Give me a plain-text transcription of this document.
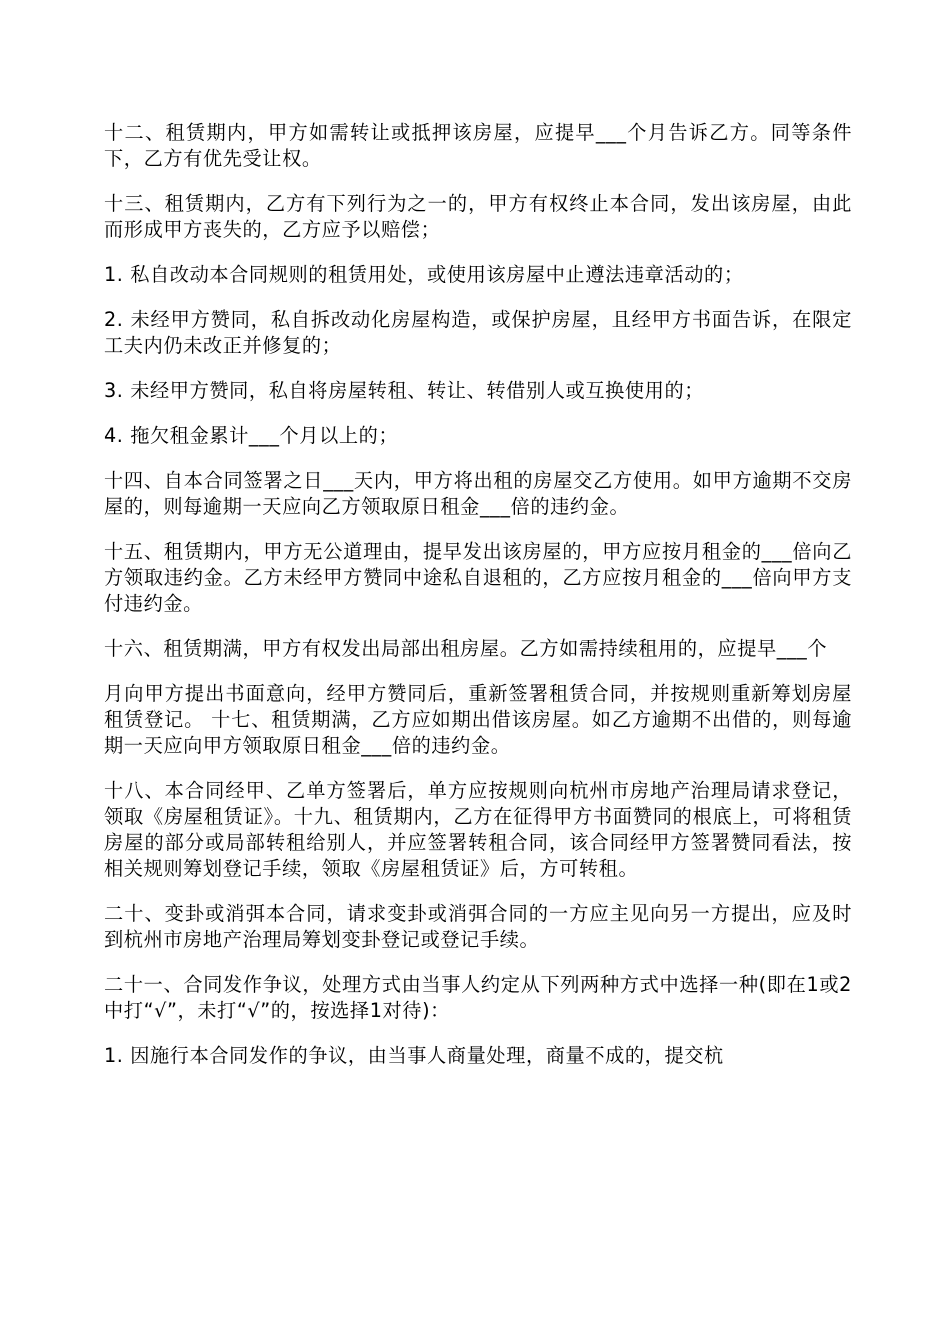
十二、租赁期内，甲方如需转让或抵押该房屋，应提早___个月告诉乙方。同等条件下，乙方有优先受让权。

十三、租赁期内，乙方有下列行为之一的，甲方有权终止本合同，发出该房屋，由此而形成甲方丧失的，乙方应予以赔偿；

1. 私自改动本合同规则的租赁用处，或使用该房屋中止遵法违章活动的；

2. 未经甲方赞同，私自拆改动化房屋构造，或保护房屋，且经甲方书面告诉，在限定工夫内仍未改正并修复的；

3. 未经甲方赞同，私自将房屋转租、转让、转借别人或互换使用的；

4. 拖欠租金累计___个月以上的；

十四、自本合同签署之日___天内，甲方将出租的房屋交乙方使用。如甲方逾期不交房屋的，则每逾期一天应向乙方领取原日租金___倍的违约金。

十五、租赁期内，甲方无公道理由，提早发出该房屋的，甲方应按月租金的___倍向乙方领取违约金。乙方未经甲方赞同中途私自退租的，乙方应按月租金的___倍向甲方支付违约金。

十六、租赁期满，甲方有权发出局部出租房屋。乙方如需持续租用的，应提早___个

月向甲方提出书面意向，经甲方赞同后，重新签署租赁合同，并按规则重新筹划房屋租赁登记。 十七、租赁期满，乙方应如期出借该房屋。如乙方逾期不出借的，则每逾期一天应向甲方领取原日租金___倍的违约金。

十八、本合同经甲、乙单方签署后，单方应按规则向杭州市房地产治理局请求登记，领取《房屋租赁证》。十九、租赁期内，乙方在征得甲方书面赞同的根底上，可将租赁房屋的部分或局部转租给别人，并应签署转租合同，该合同经甲方签署赞同看法，按相关规则筹划登记手续，领取《房屋租赁证》后，方可转租。

二十、变卦或消弭本合同，请求变卦或消弭合同的一方应主见向另一方提出，应及时到杭州市房地产治理局筹划变卦登记或登记手续。

二十一、合同发作争议，处理方式由当事人约定从下列两种方式中选择一种(即在1或2中打“√”，未打“√”的，按选择1对待)：

1. 因施行本合同发作的争议，由当事人商量处理，商量不成的，提交杭
